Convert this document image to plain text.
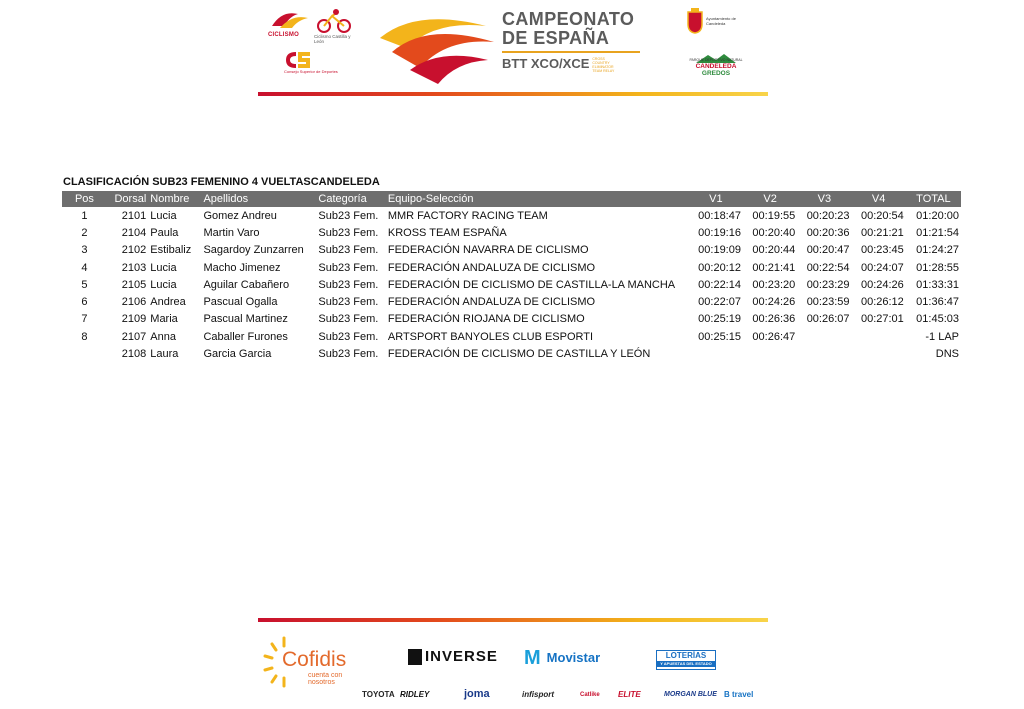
CICLISMO	Ciclismo Castilla y León
Consejo Superior de Deportes
CAMPEONATO
DE ESPAÑA
BTT XCO/XCE CROSS COUNTRY ELIMINATOR TEAM RELAY
Ayuntamiento de Candeleda
PARQUE DEPORTIVO NATURAL
CANDELEDA
GREDOS
CLASIFICACIÓN SUB23 FEMENINO 4 VUELTASCANDELEDA
Pos	Dorsal	Nombre	Apellidos	Categoría	Equipo-Selección	V1	V2	V3	V4	TOTAL
1	2101	Lucia	Gomez Andreu	Sub23 Fem.	MMR FACTORY RACING TEAM	00:18:47	00:19:55	00:20:23	00:20:54	01:20:00
2	2104	Paula	Martin Varo	Sub23 Fem.	KROSS TEAM ESPAÑA	00:19:16	00:20:40	00:20:36	00:21:21	01:21:54
3	2102	Estibaliz	Sagardoy Zunzarren	Sub23 Fem.	FEDERACIÓN NAVARRA DE CICLISMO	00:19:09	00:20:44	00:20:47	00:23:45	01:24:27
4	2103	Lucia	Macho Jimenez	Sub23 Fem.	FEDERACIÓN ANDALUZA DE CICLISMO	00:20:12	00:21:41	00:22:54	00:24:07	01:28:55
5	2105	Lucia	Aguilar Cabañero	Sub23 Fem.	FEDERACIÓN DE CICLISMO DE CASTILLA-LA MANCHA	00:22:14	00:23:20	00:23:29	00:24:26	01:33:31
6	2106	Andrea	Pascual Ogalla	Sub23 Fem.	FEDERACIÓN ANDALUZA DE CICLISMO	00:22:07	00:24:26	00:23:59	00:26:12	01:36:47
7	2109	Maria	Pascual Martinez	Sub23 Fem.	FEDERACIÓN RIOJANA DE CICLISMO	00:25:19	00:26:36	00:26:07	00:27:01	01:45:03
8	2107	Anna	Caballer Furones	Sub23 Fem.	ARTSPORT BANYOLES CLUB ESPORTI	00:25:15	00:26:47			-1 LAP
	2108	Laura	Garcia Garcia	Sub23 Fem.	FEDERACIÓN DE CICLISMO DE CASTILLA Y LEÓN					DNS
Cofidis
cuenta con nosotros
INVERSE M Movistar	LOTERÍAS
Y APUESTAS DEL ESTADO
TOYOTA RIDLEY	joma	infisport	Catlike ELITE	MORGAN BLUE B travel
